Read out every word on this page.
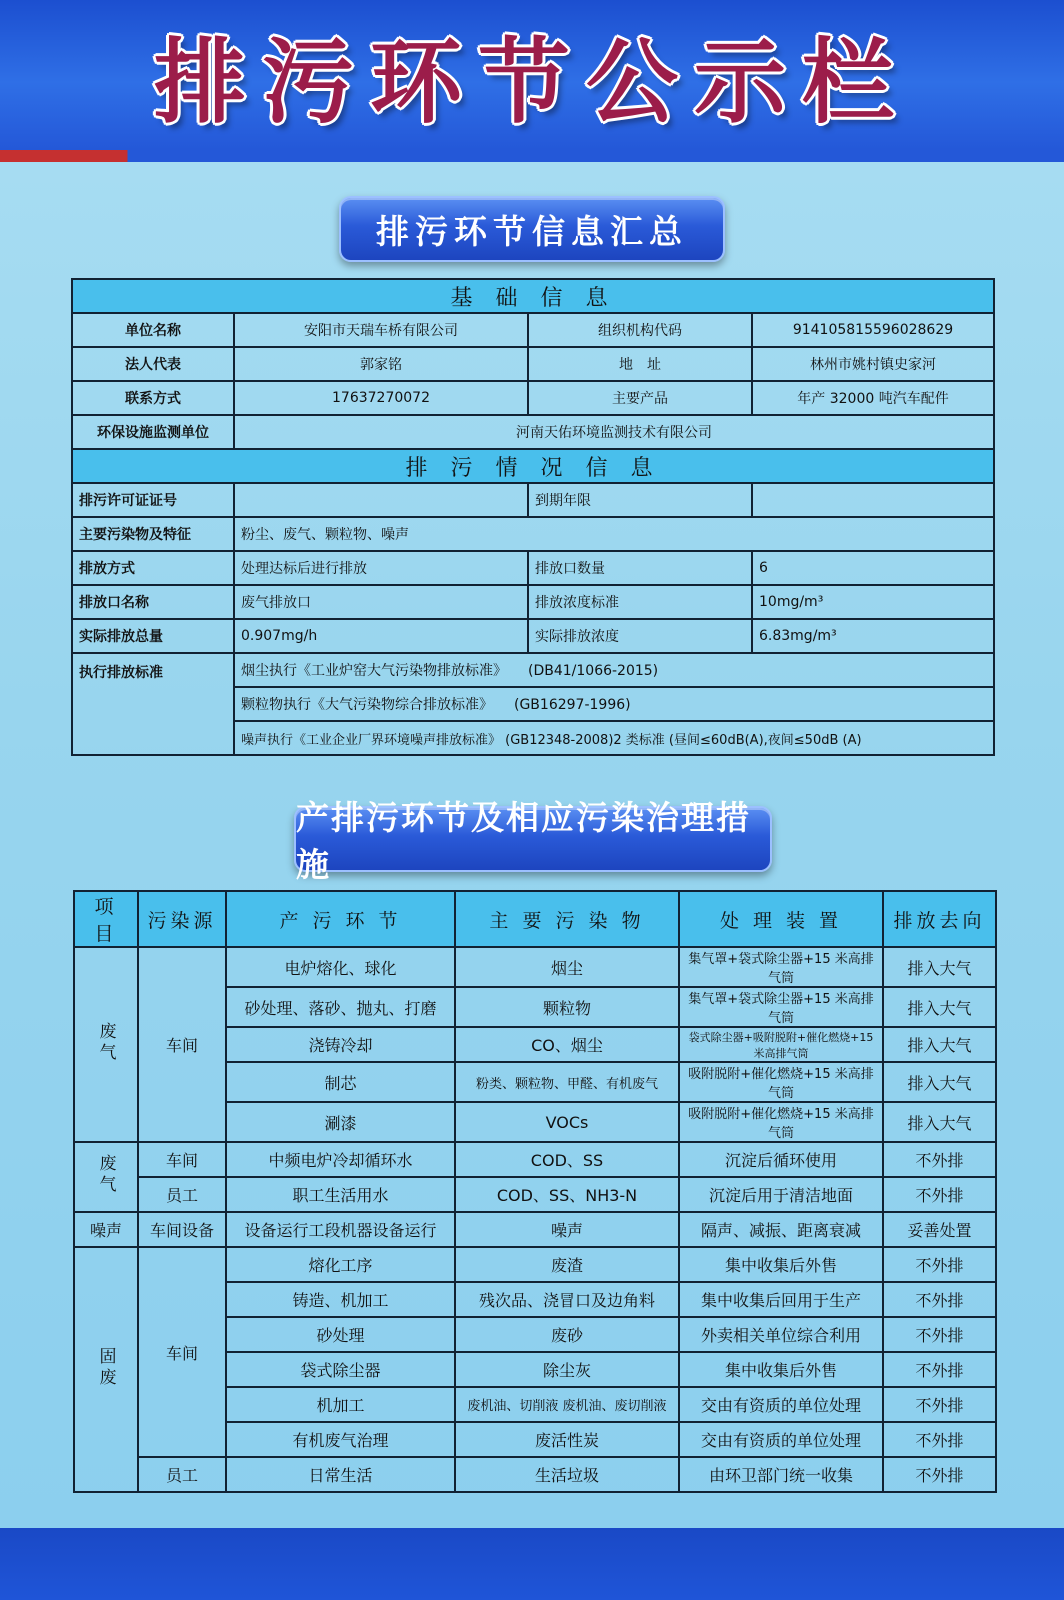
排污环节公示栏
排污环节信息汇总
基 础 信 息			
单位名称	安阳市天瑞车桥有限公司	组织机构代码	914105815596028629
法人代表	郭家铭	地　址	林州市姚村镇史家河
联系方式	17637270072	主要产品	年产 32000 吨汽车配件
环保设施监测单位	河南天佑环境监测技术有限公司		
排 污 情 况 信 息			
排污许可证证号		到期年限	
主要污染物及特征	粉尘、废气、颗粒物、噪声		
排放方式	处理达标后进行排放	排放口数量	6
排放口名称	废气排放口	排放浓度标准	10mg/m³
实际排放总量	0.907mg/h	实际排放浓度	6.83mg/m³
执行排放标准	烟尘执行《工业炉窑大气污染物排放标准》　　(DB41/1066-2015)		
	颗粒物执行《大气污染物综合排放标准》　　(GB16297-1996)		
	噪声执行《工业企业厂界环境噪声排放标准》 (GB12348-2008)2 类标准 (昼间≤60dB(A),夜间≤50dB (A)		
产排污环节及相应污染治理措施
项 目	污染源	产 污 环 节	主 要 污 染 物	处 理 装 置	排放去向
废气	车间	电炉熔化、球化	烟尘	集气罩+袋式除尘器+15 米高排气筒	排入大气
		砂处理、落砂、抛丸、打磨	颗粒物	集气罩+袋式除尘器+15 米高排气筒	排入大气
		浇铸冷却	CO、烟尘	袋式除尘器+吸附脱附+催化燃烧+15 米高排气筒	排入大气
		制芯	粉类、颗粒物、甲醛、有机废气	吸附脱附+催化燃烧+15 米高排气筒	排入大气
		涮漆	VOCs	吸附脱附+催化燃烧+15 米高排气筒	排入大气
废气	车间	中频电炉冷却循环水	COD、SS	沉淀后循环使用	不外排
	员工	职工生活用水	COD、SS、NH3-N	沉淀后用于清洁地面	不外排
噪声	车间设备	设备运行工段机器设备运行	噪声	隔声、减振、距离衰减	妥善处置
固废	车间	熔化工序	废渣	集中收集后外售	不外排
		铸造、机加工	残次品、浇冒口及边角料	集中收集后回用于生产	不外排
		砂处理	废砂	外卖相关单位综合利用	不外排
		袋式除尘器	除尘灰	集中收集后外售	不外排
		机加工	废机油、切削液 废机油、废切削液	交由有资质的单位处理	不外排
		有机废气治理	废活性炭	交由有资质的单位处理	不外排
	员工	日常生活	生活垃圾	由环卫部门统一收集	不外排
